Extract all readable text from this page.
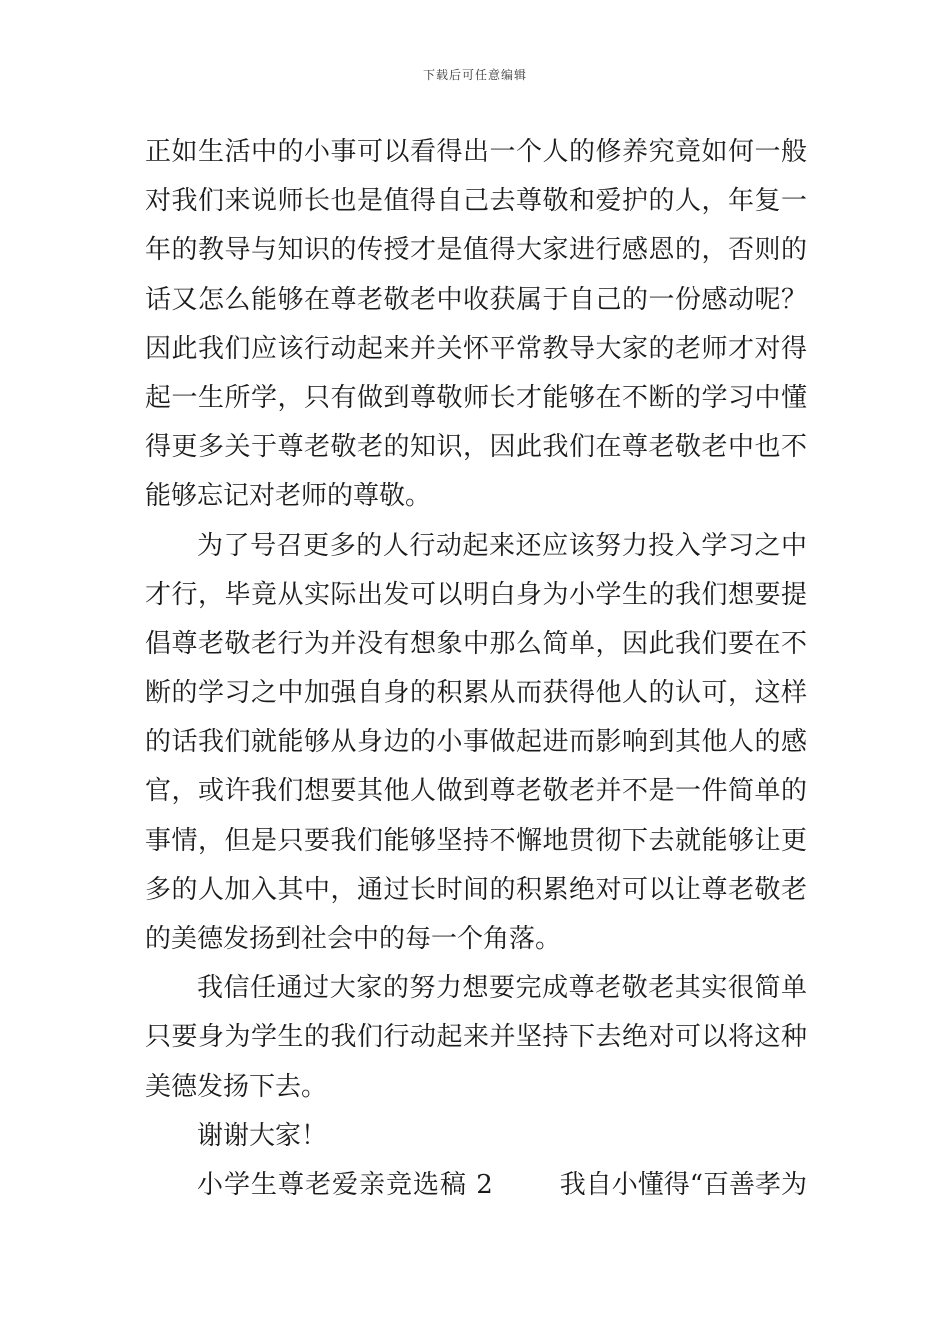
下载后可任意编辑
正如生活中的小事可以看得出一个人的修养究竟如何一般
对我们来说师长也是值得自己去尊敬和爱护的人，年复一
年的教导与知识的传授才是值得大家进行感恩的，否则的
话又怎么能够在尊老敬老中收获属于自己的一份感动呢？
因此我们应该行动起来并关怀平常教导大家的老师才对得
起一生所学，只有做到尊敬师长才能够在不断的学习中懂
得更多关于尊老敬老的知识，因此我们在尊老敬老中也不
能够忘记对老师的尊敬。
为了号召更多的人行动起来还应该努力投入学习之中
才行，毕竟从实际出发可以明白身为小学生的我们想要提
倡尊老敬老行为并没有想象中那么简单，因此我们要在不
断的学习之中加强自身的积累从而获得他人的认可，这样
的话我们就能够从身边的小事做起进而影响到其他人的感
官，或许我们想要其他人做到尊老敬老并不是一件简单的
事情，但是只要我们能够坚持不懈地贯彻下去就能够让更
多的人加入其中，通过长时间的积累绝对可以让尊老敬老
的美德发扬到社会中的每一个角落。
我信任通过大家的努力想要完成尊老敬老其实很简单
只要身为学生的我们行动起来并坚持下去绝对可以将这种
美德发扬下去。
谢谢大家！
小学生尊老爱亲竞选稿 2	我自小懂得“百善孝为
